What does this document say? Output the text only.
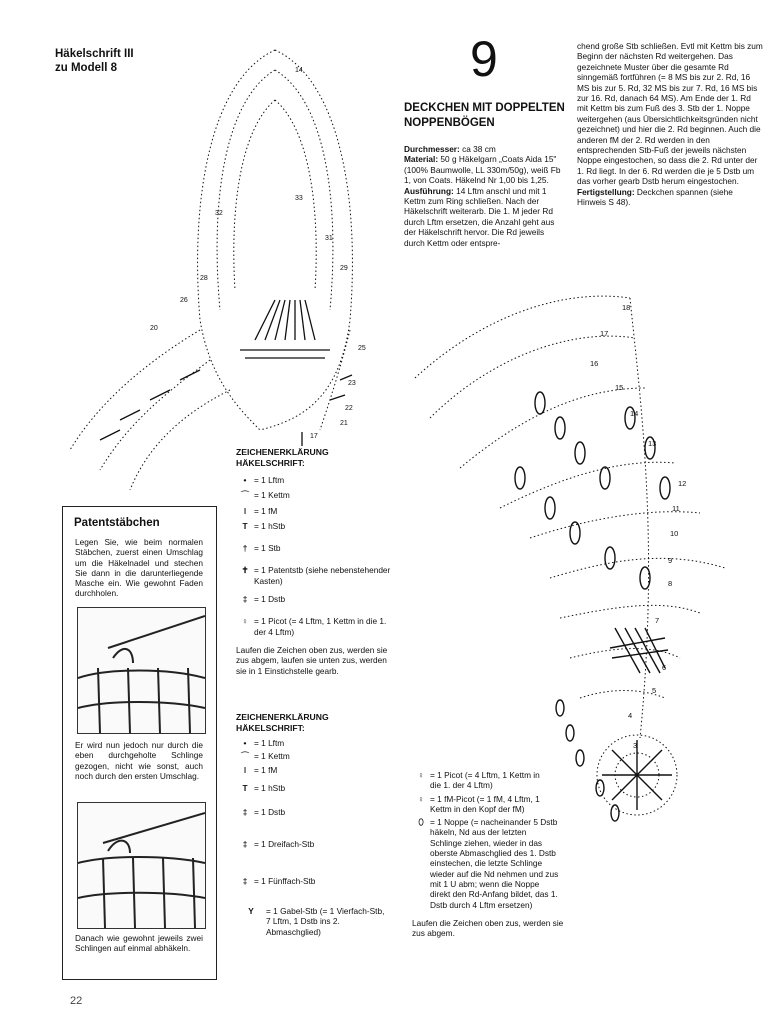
Häkelschrift III
zu Modell 8	14
17
20
21
22
23
25
26
28
29
31
32
33
9
DECKCHEN MIT DOPPELTEN
NOPPENBÖGEN
Durchmesser: ca 38 cm
Material: 50 g Häkelgarn „Coats Aida 15" (100% Baumwolle, LL 330m/50g), weiß Fb 1, von Coats. Häkelnd Nr 1,00 bis 1,25.
Ausführung: 14 Lftm anschl und mit 1 Kettm zum Ring schließen. Nach der Häkelschrift weiterarb. Die 1. M jeder Rd durch Lftm ersetzen, die Anzahl geht aus der Häkelschrift hervor. Die Rd jeweils durch Kettm oder entspre-
chend große Stb schließen. Evtl mit Kettm bis zum Beginn der nächsten Rd weitergehen. Das gezeichnete Muster über die gesamte Rd sinngemäß fortführen (= 8 MS bis zur 2. Rd, 16 MS bis zur 5. Rd, 32 MS bis zur 7. Rd, 16 MS bis zur 16. Rd, danach 64 MS). Am Ende der 1. Rd mit Kettm bis zum Fuß des 3. Stb der 1. Noppe weitergehen (aus Übersichtlichkeitsgründen nicht gezeichnet) und hier die 2. Rd beginnen. Auch die anderen fM der 2. Rd werden in den entsprechenden Stb-Fuß der jeweils nächsten Noppe eingestochen, so dass die 2. Rd unter der 1. Rd liegt. In der 6. Rd werden die je 5 Dstb um das vorher gearb Dstb herum eingestochen.
Fertigstellung: Deckchen spannen (siehe Hinweis S 48).
Patentstäbchen
Legen Sie, wie beim normalen Stäbchen, zuerst einen Umschlag um die Häkelnadel und stechen Sie dann in die darunterliegende Masche ein. Wie gewohnt Faden durchholen.
Er wird nun jedoch nur durch die eben durchgeholte Schlinge gezogen, nicht wie sonst, auch noch durch den ersten Umschlag.
Danach wie gewohnt jeweils zwei Schlingen auf einmal abhäkeln.
ZEICHENERKLÄRUNG
HÄKELSCHRIFT:
• = 1 Lftm
⌒ = 1 Kettm
ǀ = 1 fM
T = 1 hStb
† = 1 Stb
✝ = 1 Patentstb (siehe nebenstehender Kasten)
‡ = 1 Dstb
♀ = 1 Picot (= 4 Lftm, 1 Kettm in die 1. der 4 Lftm)
Laufen die Zeichen oben zus, werden sie zus abgem, laufen sie unten zus, werden sie in 1 Einstichstelle gearb.
ZEICHENERKLÄRUNG
HÄKELSCHRIFT:
• = 1 Lftm
⌒ = 1 Kettm
ǀ = 1 fM
T = 1 hStb
‡ = 1 Dstb
‡ = 1 Dreifach-Stb
‡ = 1 Fünffach-Stb
Y	= 1 Gabel-Stb (= 1 Vierfach-Stb, 7 Lftm, 1 Dstb ins 2. Abmaschglied)
3
4
5
6
7
8
9
10
11
12
13
14
15
16
17
18
♀ = 1 Picot (= 4 Lftm, 1 Kettm in die 1. der 4 Lftm)
♀ = 1 fM-Picot (= 1 fM, 4 Lftm, 1 Kettm in den Kopf der fM)
⬯ = 1 Noppe (= nacheinander 5 Dstb häkeln, Nd aus der letzten Schlinge ziehen, wieder in das oberste Abmaschglied des 1. Dstb einstechen, die letzte Schlinge wieder auf die Nd nehmen und zus mit 1 U abm; wenn die Noppe direkt den Rd-Anfang bildet, das 1. Dstb durch 4 Lftm ersetzen)
Laufen die Zeichen oben zus, werden sie zus abgem.
22
